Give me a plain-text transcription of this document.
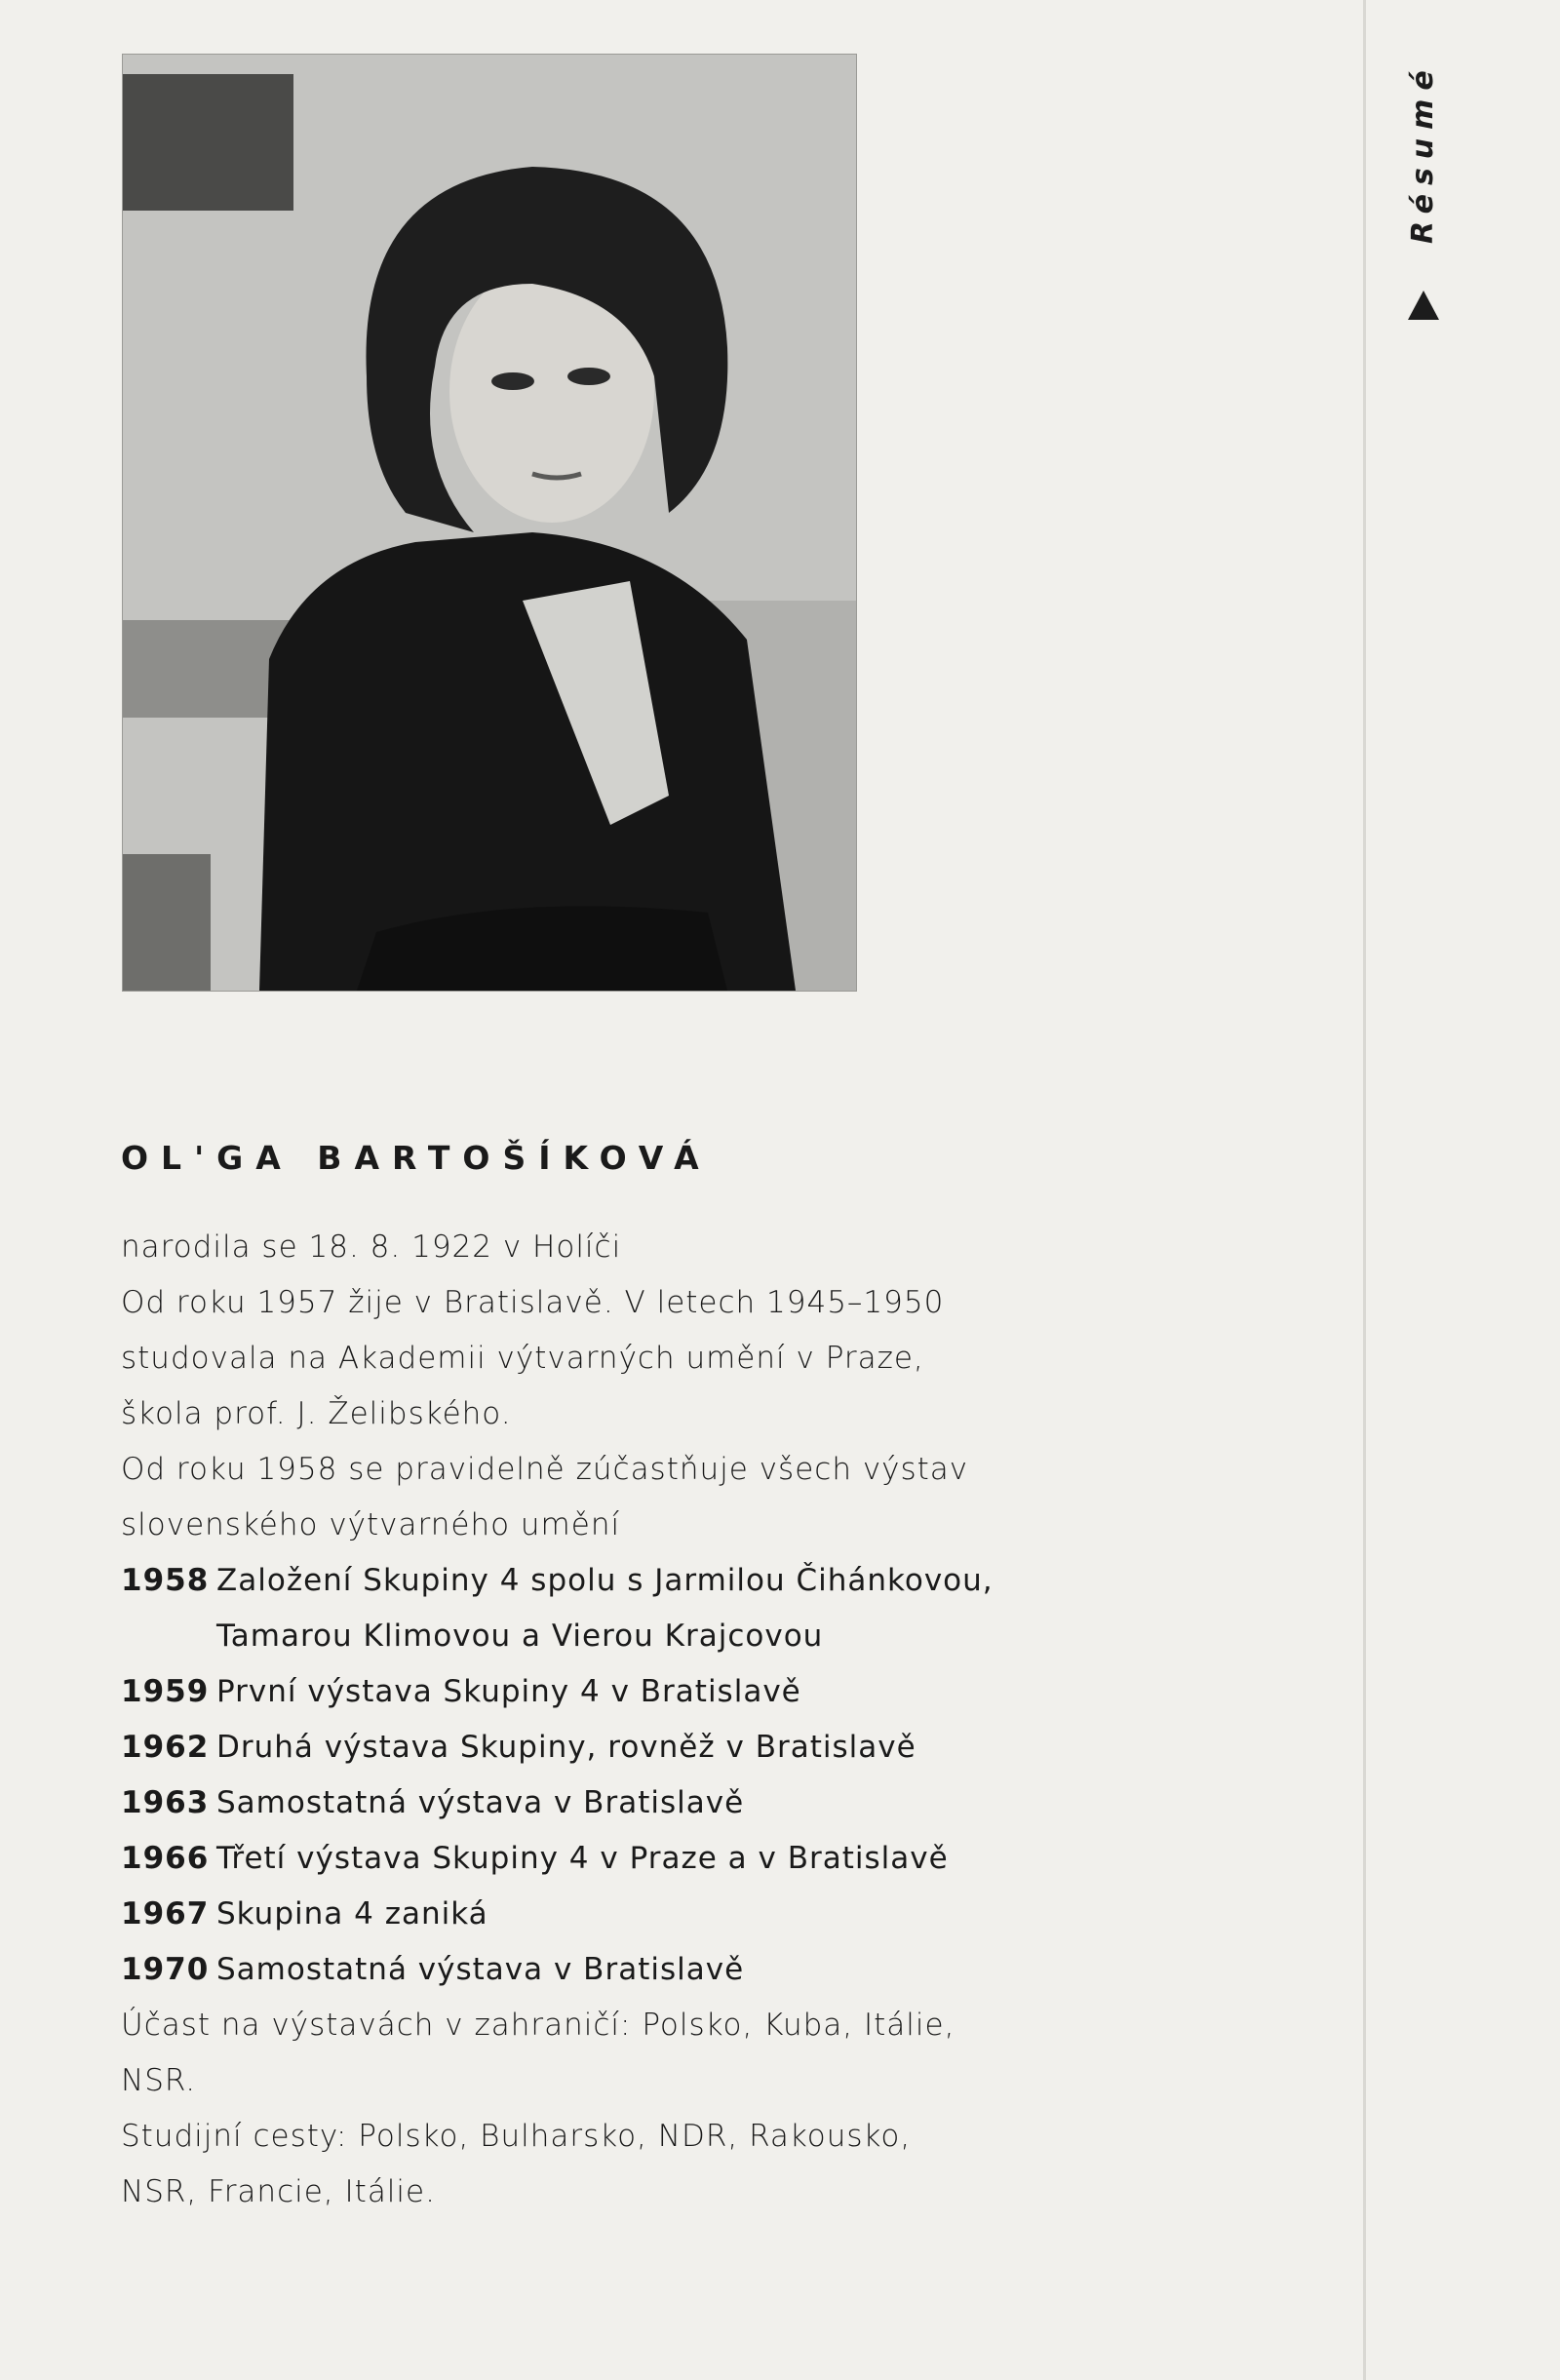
Résumé
OL'GA BARTOŠÍKOVÁ

narodila se 18. 8. 1922 v Holíči
Od roku 1957 žije v Bratislavě. V letech 1945–1950
studovala na Akademii výtvarných umění v Praze,
škola prof. J. Želibského.
Od roku 1958 se pravidelně zúčastňuje všech výstav
slovenského výtvarného umění

1958 Založení Skupiny 4 spolu s Jarmilou Čihánkovou,
Tamarou Klimovou a Vierou Krajcovou
1959 První výstava Skupiny 4 v Bratislavě
1962 Druhá výstava Skupiny, rovněž v Bratislavě
1963 Samostatná výstava v Bratislavě
1966 Třetí výstava Skupiny 4 v Praze a v Bratislavě
1967 Skupina 4 zaniká
1970 Samostatná výstava v Bratislavě

Účast na výstavách v zahraničí: Polsko, Kuba, Itálie,
NSR.
Studijní cesty: Polsko, Bulharsko, NDR, Rakousko,
NSR, Francie, Itálie.
